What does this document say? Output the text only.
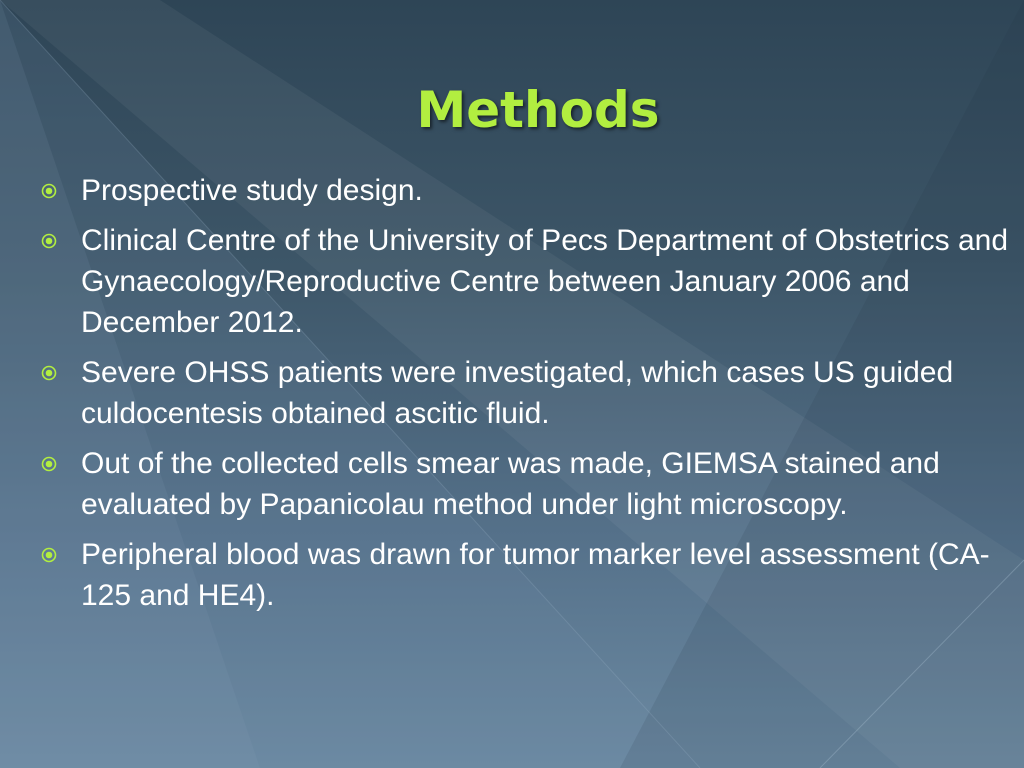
Methods
Prospective study design.
Clinical Centre of the University of Pecs Department of Obstetrics and Gynaecology/Reproductive Centre between January 2006 and December 2012.
Severe OHSS patients were investigated, which cases US guided culdocentesis obtained ascitic fluid.
Out of the collected cells smear was made, GIEMSA stained and evaluated by Papanicolau method under light microscopy.
Peripheral blood was drawn for tumor marker level assessment (CA-125 and HE4).
